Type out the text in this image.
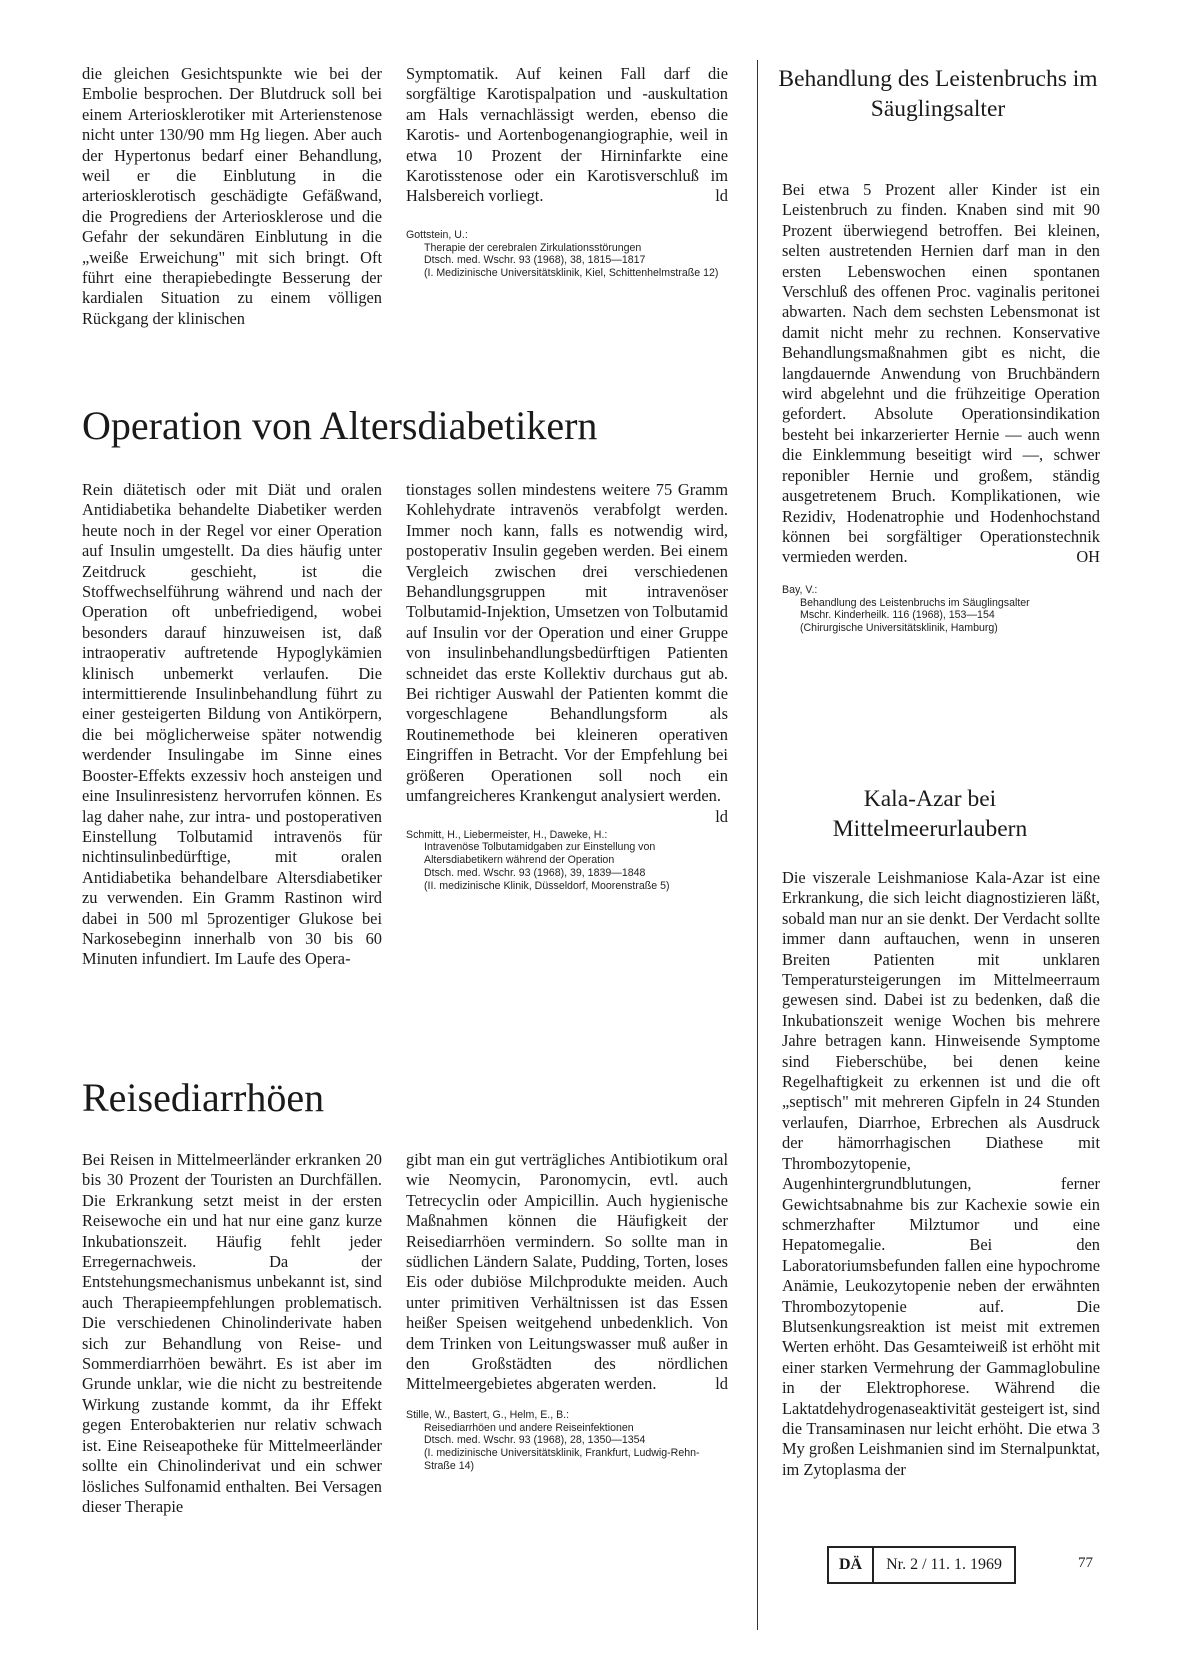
die gleichen Gesichtspunkte wie bei der Embolie besprochen. Der Blutdruck soll bei einem Arteriosklerotiker mit Arterienstenose nicht unter 130/90 mm Hg liegen. Aber auch der Hypertonus bedarf einer Behandlung, weil er die Einblutung in die arteriosklerotisch geschädigte Gefäßwand, die Progrediens der Arteriosklerose und die Gefahr der sekundären Einblutung in die „weiße Erweichung" mit sich bringt. Oft führt eine therapiebedingte Besserung der kardialen Situation zu einem völligen Rückgang der klinischen

Symptomatik. Auf keinen Fall darf die sorgfältige Karotispalpation und -auskultation am Hals vernachlässigt werden, ebenso die Karotis- und Aortenbogenangiographie, weil in etwa 10 Prozent der Hirninfarkte eine Karotisstenose oder ein Karotisverschluß im Halsbereich vorliegt.	ld

Gottstein, U.:
Therapie der cerebralen Zirkulationsstörungen
Dtsch. med. Wschr. 93 (1968), 38, 1815—1817
(I. Medizinische Universitätsklinik, Kiel, Schittenhelmstraße 12)
Operation von Altersdiabetikern

Rein diätetisch oder mit Diät und oralen Antidiabetika behandelte Diabetiker werden heute noch in der Regel vor einer Operation auf Insulin umgestellt. Da dies häufig unter Zeitdruck geschieht, ist die Stoffwechselführung während und nach der Operation oft unbefriedigend, wobei besonders darauf hinzuweisen ist, daß intraoperativ auftretende Hypoglykämien klinisch unbemerkt verlaufen. Die intermittierende Insulinbehandlung führt zu einer gesteigerten Bildung von Antikörpern, die bei möglicherweise später notwendig werdender Insulingabe im Sinne eines Booster-Effekts exzessiv hoch ansteigen und eine Insulinresistenz hervorrufen können. Es lag daher nahe, zur intra- und postoperativen Einstellung Tolbutamid intravenös für nichtinsulinbedürftige, mit oralen Antidiabetika behandelbare Altersdiabetiker zu verwenden. Ein Gramm Rastinon wird dabei in 500 ml 5prozentiger Glukose bei Narkosebeginn innerhalb von 30 bis 60 Minuten infundiert. Im Laufe des Opera-

tionstages sollen mindestens weitere 75 Gramm Kohlehydrate intravenös verabfolgt werden. Immer noch kann, falls es notwendig wird, postoperativ Insulin gegeben werden. Bei einem Vergleich zwischen drei verschiedenen Behandlungsgruppen mit intravenöser Tolbutamid-Injektion, Umsetzen von Tolbutamid auf Insulin vor der Operation und einer Gruppe von insulinbehandlungsbedürftigen Patienten schneidet das erste Kollektiv durchaus gut ab. Bei richtiger Auswahl der Patienten kommt die vorgeschlagene Behandlungsform als Routinemethode bei kleineren operativen Eingriffen in Betracht. Vor der Empfehlung bei größeren Operationen soll noch ein umfangreicheres Krankengut analysiert werden.
ld

Schmitt, H., Liebermeister, H., Daweke, H.:
Intravenöse Tolbutamidgaben zur Einstellung von Altersdiabetikern während der Operation
Dtsch. med. Wschr. 93 (1968), 39, 1839—1848
(II. medizinische Klinik, Düsseldorf, Moorenstraße 5)
Reisediarrhöen

Bei Reisen in Mittelmeerländer erkranken 20 bis 30 Prozent der Touristen an Durchfällen. Die Erkrankung setzt meist in der ersten Reisewoche ein und hat nur eine ganz kurze Inkubationszeit. Häufig fehlt jeder Erregernachweis. Da der Entstehungsmechanismus unbekannt ist, sind auch Therapieempfehlungen problematisch. Die verschiedenen Chinolinderivate haben sich zur Behandlung von Reise- und Sommerdiarrhöen bewährt. Es ist aber im Grunde unklar, wie die nicht zu bestreitende Wirkung zustande kommt, da ihr Effekt gegen Enterobakterien nur relativ schwach ist. Eine Reiseapotheke für Mittelmeerländer sollte ein Chinolinderivat und ein schwer lösliches Sulfonamid enthalten. Bei Versagen dieser Therapie

gibt man ein gut verträgliches Antibiotikum oral wie Neomycin, Paronomycin, evtl. auch Tetrecyclin oder Ampicillin. Auch hygienische Maßnahmen können die Häufigkeit der Reisediarrhöen vermindern. So sollte man in südlichen Ländern Salate, Pudding, Torten, loses Eis oder dubiöse Milchprodukte meiden. Auch unter primitiven Verhältnissen ist das Essen heißer Speisen weitgehend unbedenklich. Von dem Trinken von Leitungswasser muß außer in den Großstädten des nördlichen Mittelmeergebietes abgeraten werden.	ld

Stille, W., Bastert, G., Helm, E., B.:
Reisediarrhöen und andere Reiseinfektionen
Dtsch. med. Wschr. 93 (1968), 28, 1350—1354
(I. medizinische Universitätsklinik, Frankfurt, Ludwig-Rehn-Straße 14)
Behandlung des Leistenbruchs im Säuglingsalter

Bei etwa 5 Prozent aller Kinder ist ein Leistenbruch zu finden. Knaben sind mit 90 Prozent überwiegend betroffen. Bei kleinen, selten austretenden Hernien darf man in den ersten Lebenswochen einen spontanen Verschluß des offenen Proc. vaginalis peritonei abwarten. Nach dem sechsten Lebensmonat ist damit nicht mehr zu rechnen. Konservative Behandlungsmaßnahmen gibt es nicht, die langdauernde Anwendung von Bruchbändern wird abgelehnt und die frühzeitige Operation gefordert. Absolute Operationsindikation besteht bei inkarzerierter Hernie — auch wenn die Einklemmung beseitigt wird —, schwer reponibler Hernie und großem, ständig ausgetretenem Bruch. Komplikationen, wie Rezidiv, Hodenatrophie und Hodenhochstand können bei sorgfältiger Operationstechnik vermieden werden.	OH

Bay, V.:
Behandlung des Leistenbruchs im Säuglingsalter
Mschr. Kinderheilk. 116 (1968), 153—154
(Chirurgische Universitätsklinik, Hamburg)
Kala-Azar bei Mittelmeerurlaubern

Die viszerale Leishmaniose Kala-Azar ist eine Erkrankung, die sich leicht diagnostizieren läßt, sobald man nur an sie denkt. Der Verdacht sollte immer dann auftauchen, wenn in unseren Breiten Patienten mit unklaren Temperatursteigerungen im Mittelmeerraum gewesen sind. Dabei ist zu bedenken, daß die Inkubationszeit wenige Wochen bis mehrere Jahre betragen kann. Hinweisende Symptome sind Fieberschübe, bei denen keine Regelhaftigkeit zu erkennen ist und die oft „septisch" mit mehreren Gipfeln in 24 Stunden verlaufen, Diarrhoe, Erbrechen als Ausdruck der hämorrhagischen Diathese mit Thrombozytopenie, Augenhintergrundblutungen, ferner Gewichtsabnahme bis zur Kachexie sowie ein schmerzhafter Milztumor und eine Hepatomegalie. Bei den Laboratoriumsbefunden fallen eine hypochrome Anämie, Leukozytopenie neben der erwähnten Thrombozytopenie auf. Die Blutsenkungsreaktion ist meist mit extremen Werten erhöht. Das Gesamteiweiß ist erhöht mit einer starken Vermehrung der Gammaglobuline in der Elektrophorese. Während die Laktatdehydrogenaseaktivität gesteigert ist, sind die Transaminasen nur leicht erhöht. Die etwa 3 My großen Leishmanien sind im Sternalpunktat, im Zytoplasma der

DÄ	Nr. 2 / 11. 1. 1969	77
